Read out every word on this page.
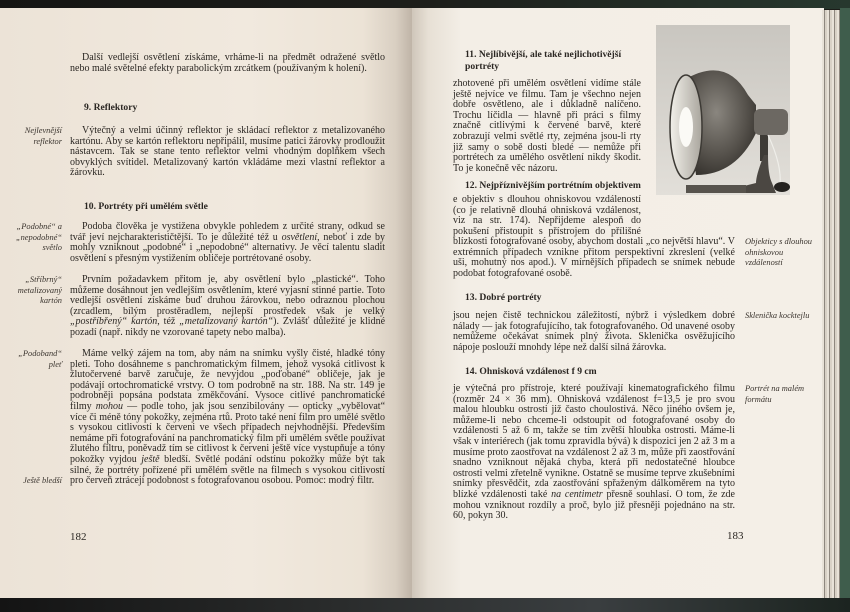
Další vedlejší osvětlení získáme, vrháme-li na předmět odražené světlo nebo malé světelné efekty parabolickým zrcátkem (používaným k holení).

9. Reflektory

Nejlevnější reflektor

Výtečný a velmi účinný reflektor je skládací reflektor z metalizovaného kartónu. Aby se kartón reflektoru nepřipálil, musíme patici žárovky prodloužit nástavcem. Tak se stane tento reflektor velmi vhodným doplňkem všech obvyklých svítidel. Metalizovaný kartón vkládáme mezi vlastní reflektor a žárovku.

10. Portréty při umělém světle

„Podobné“ a „nepodobné“ světlo

Podoba člověka je vystižena obvykle pohledem z určité strany, odkud se tvář jeví nejcharakterističtější. To je důležité též u osvětlení, neboť i zde by mohly vzniknout „podobné“ i „nepodobné“ alternativy. Je věcí talentu sladit osvětlení s přesným vystižením obličeje portrétované osoby.

„Stříbrný“ metalizovaný kartón

Prvním požadavkem přitom je, aby osvětlení bylo „plastické“. Toho můžeme dosáhnout jen vedlejším osvětlením, které vyjasní stinné partie. Toto vedlejší osvětlení získáme buď druhou žárovkou, nebo odraznou plochou (zrcadlem, bílým prostěradlem, nejlepší prostředek však je velký „postříbřený“ kartón, též „metalizovaný kartón“). Zvlášť důležité je klidné pozadí (např. nikdy ne vzorované tapety nebo malba).

„Podoband“ pleť

Máme velký zájem na tom, aby nám na snímku vyšly čisté, hladké tóny pleti. Toho dosáhneme s panchromatickým filmem, jehož vysoká citlivost k žlutočervené barvě zaručuje, že nevyjdou „poďobané“ obličeje, jak je podávají ortochromatické vrstvy. O tom podrobně na str. 188. Na str. 149 je podrobněji popsána podstata změkčování. Vysoce citlivé panchromatické filmy mohou — podle toho, jak jsou senzibilovány — opticky „vybělovat“ více či méně tóny pokožky, zejména rtů. Proto také není film pro umělé světlo s vysokou citlivostí k červeni ve všech případech nejvhodnější. Především nemáme při fotografování na panchromatický film při umělém světle používat žlutého filtru, poněvadž tím se citlivost k červeni ještě více vystupňuje a tóny pokožky vyjdou ještě bledší. Světlé podání odstínu pokožky může být tak silné, že portréty pořízené při umělém světle na filmech s vysokou citlivostí pro červeň ztrácejí podobnost s fotografovanou osobou. Pomoc: modrý filtr.

Ještě bledší

182
11. Nejlíbivější, ale také nejlichotivější portréty

zhotovené při umělém osvětlení vidíme stále ještě nejvíce ve filmu. Tam je všechno nejen dobře osvětleno, ale i důkladně nalíčeno. Trochu líčidla — hlavně při práci s filmy značně citlivými k červené barvě, které zobrazují velmi světlé rty, zejména jsou-li rty již samy o sobě dosti bledé — nemůže při portrétech za umělého osvětlení nikdy škodit. To je konečně věc názoru.

12. Nejpříznivějším portrétním objektivem

e objektiv s dlouhou ohniskovou vzdáleností (co je relativně dlouhá ohnisková vzdálenost, viz na str. 174). Nepřijdeme alespoň do pokušení přistoupit s přístrojem do přílišné

blízkosti fotografované osoby, abychom dostali „co největší hlavu“. V extrémních případech vznikne přitom perspektivní zkreslení (velké uši, mohutný nos apod.). V mírnějších případech se snímek nebude podobat fotografované osobě.

Objekticy s dlouhou ohniskovou vzdáleností

13. Dobré portréty

jsou nejen čistě technickou záležitostí, nýbrž i výsledkem dobré nálady — jak fotografujícího, tak fotografovaného. Od unavené osoby nemůžeme očekávat snímek plný života. Sklenička osvěžujícího nápoje poslouží mnohdy lépe než další silná žárovka.

Sklenička kocktejlu

14. Ohnisková vzdálenost f 9 cm

je výtečná pro přístroje, které používají kinematografického filmu (rozměr 24 × 36 mm). Ohnisková vzdálenost f=13,5 je pro svou malou hloubku ostrosti již často choulostivá. Něco jiného ovšem je, můžeme-li nebo chceme-li odstoupit od fotografované osoby do vzdálenosti 5 až 6 m, takže se tím zvětší hloubka ostrosti. Máme-li však v interiérech (jak tomu zpravidla bývá) k dispozici jen 2 až 3 m a musíme proto zaostřovat na vzdálenost 2 až 3 m, může při zaostřování snadno vzniknout nějaká chyba, která při nedostatečné hloubce ostrosti velmi zřetelně vynikne. Ostatně se musíme teprve zkušebními snímky přesvědčit, zda zaostřování spřaženým dálkoměrem na tyto blízké vzdálenosti také na centimetr přesně souhlasí. O tom, že zde mohou vzniknout rozdíly a proč, bylo již přesněji pojednáno na str. 60, pokyn 30.

Portrét na malém formátu

183
